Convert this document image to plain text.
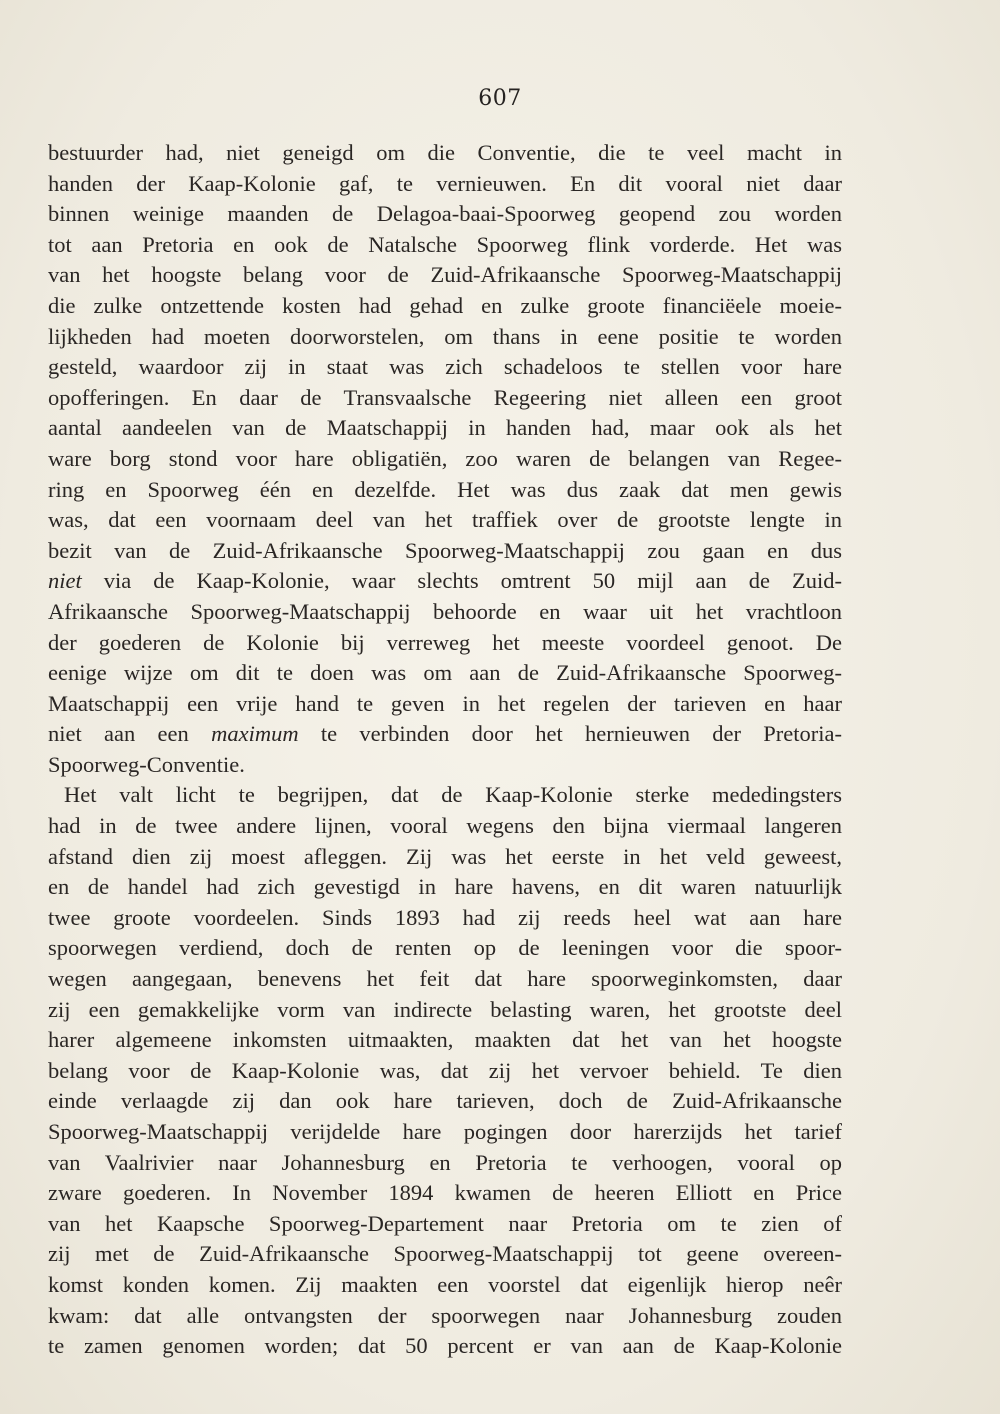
607
bestuurder had, niet geneigd om die Conventie, die te veel macht in
handen der Kaap-Kolonie gaf, te vernieuwen. En dit vooral niet daar
binnen weinige maanden de Delagoa-baai-Spoorweg geopend zou worden
tot aan Pretoria en ook de Natalsche Spoorweg flink vorderde. Het was
van het hoogste belang voor de Zuid-Afrikaansche Spoorweg-Maatschappij
die zulke ontzettende kosten had gehad en zulke groote financiëele moeie-
lijkheden had moeten doorworstelen, om thans in eene positie te worden
gesteld, waardoor zij in staat was zich schadeloos te stellen voor hare
opofferingen. En daar de Transvaalsche Regeering niet alleen een groot
aantal aandeelen van de Maatschappij in handen had, maar ook als het
ware borg stond voor hare obligatiën, zoo waren de belangen van Regee-
ring en Spoorweg één en dezelfde. Het was dus zaak dat men gewis
was, dat een voornaam deel van het traffiek over de grootste lengte in
bezit van de Zuid-Afrikaansche Spoorweg-Maatschappij zou gaan en dus
niet via de Kaap-Kolonie, waar slechts omtrent 50 mijl aan de Zuid-
Afrikaansche Spoorweg-Maatschappij behoorde en waar uit het vrachtloon
der goederen de Kolonie bij verreweg het meeste voordeel genoot. De
eenige wijze om dit te doen was om aan de Zuid-Afrikaansche Spoorweg-
Maatschappij een vrije hand te geven in het regelen der tarieven en haar
niet aan een maximum te verbinden door het hernieuwen der Pretoria-
Spoorweg-Conventie.
Het valt licht te begrijpen, dat de Kaap-Kolonie sterke mededingsters
had in de twee andere lijnen, vooral wegens den bijna viermaal langeren
afstand dien zij moest afleggen. Zij was het eerste in het veld geweest,
en de handel had zich gevestigd in hare havens, en dit waren natuurlijk
twee groote voordeelen. Sinds 1893 had zij reeds heel wat aan hare
spoorwegen verdiend, doch de renten op de leeningen voor die spoor-
wegen aangegaan, benevens het feit dat hare spoorweginkomsten, daar
zij een gemakkelijke vorm van indirecte belasting waren, het grootste deel
harer algemeene inkomsten uitmaakten, maakten dat het van het hoogste
belang voor de Kaap-Kolonie was, dat zij het vervoer behield. Te dien
einde verlaagde zij dan ook hare tarieven, doch de Zuid-Afrikaansche
Spoorweg-Maatschappij verijdelde hare pogingen door harerzijds het tarief
van Vaalrivier naar Johannesburg en Pretoria te verhoogen, vooral op
zware goederen. In November 1894 kwamen de heeren Elliott en Price
van het Kaapsche Spoorweg-Departement naar Pretoria om te zien of
zij met de Zuid-Afrikaansche Spoorweg-Maatschappij tot geene overeen-
komst konden komen. Zij maakten een voorstel dat eigenlijk hierop neêr
kwam: dat alle ontvangsten der spoorwegen naar Johannesburg zouden
te zamen genomen worden; dat 50 percent er van aan de Kaap-Kolonie
